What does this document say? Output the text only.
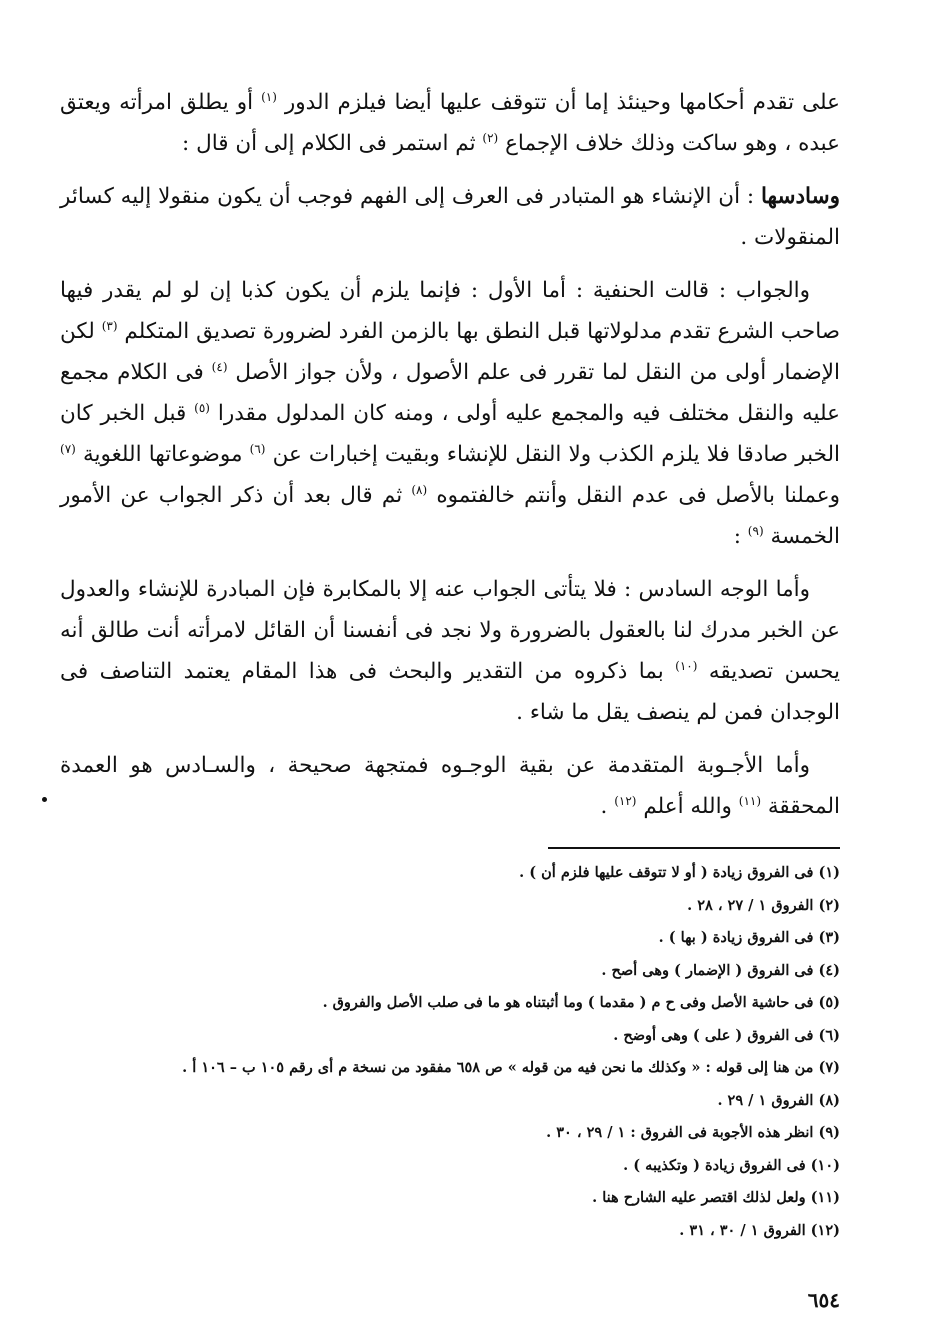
على تقدم أحكامها وحينئذ إما أن تتوقف عليها أيضا فيلزم الدور $^{(١)}$ أو يطلق امرأته ويعتق عبده ، وهو ساكت وذلك خلاف الإجماع $^{(٢)}$ ثم استمر فى الكلام إلى أن قال :

وسادسها : أن الإنشاء هو المتبادر فى العرف إلى الفهم فوجب أن يكون منقولا إليه كسائر المنقولات .

والجواب : قالت الحنفية : أما الأول : فإنما يلزم أن يكون كذبا إن لو لم يقدر فيها صاحب الشرع تقدم مدلولاتها قبل النطق بها بالزمن الفرد لضرورة تصديق المتكلم $^{(٣)}$ لكن الإضمار أولى من النقل لما تقرر فى علم الأصول ، ولأن جواز الأصل $^{(٤)}$ فى الكلام مجمع عليه والنقل مختلف فيه والمجمع عليه أولى ، ومنه كان المدلول مقدرا $^{(٥)}$ قبل الخبر كان الخبر صادقا فلا يلزم الكذب ولا النقل للإنشاء وبقيت إخبارات عن $^{(٦)}$ موضوعاتها اللغوية $^{(٧)}$ وعملنا بالأصل فى عدم النقل وأنتم خالفتموه $^{(٨)}$ ثم قال بعد أن ذكر الجواب عن الأمور الخمسة $^{(٩)}$ :

وأما الوجه السادس : فلا يتأتى الجواب عنه إلا بالمكابرة فإن المبادرة للإنشاء والعدول عن الخبر مدرك لنا بالعقول بالضرورة ولا نجد فى أنفسنا أن القائل لامرأته أنت طالق أنه يحسن تصديقه $^{(١٠)}$ بما ذكروه من التقدير والبحث فى هذا المقام يعتمد التناصف فى الوجدان فمن لم ينصف يقل ما شاء .

وأما الأجـوبة المتقدمة عن بقية الوجـوه فمتجهة صحيحة ، والسـادس هو العمدة المحققة $^{(١١)}$ والله أعلم $^{(١٢)}$ .

(١) فى الفروق زيادة ( أو لا تتوقف عليها فلزم أن ) .
(٢) الفروق ١ / ٢٧ ، ٢٨ .
(٣) فى الفروق زيادة ( بها ) .
(٤) فى الفروق ( الإضمار ) وهى أصح .
(٥) فى حاشية الأصل وفى ح م ( مقدما ) وما أثبتناه هو ما فى صلب الأصل والفروق .
(٦) فى الفروق ( على ) وهى أوضح .
(٧) من هنا إلى قوله : « وكذلك ما نحن فيه من قوله » ص ٦٥٨ مفقود من نسخة م أى رقم ١٠٥ ب – ١٠٦ أ .
(٨) الفروق ١ / ٢٩ .
(٩) انظر هذه الأجوبة فى الفروق : ١ / ٢٩ ، ٣٠ .
(١٠) فى الفروق زيادة ( وتكذيبه ) .
(١١) ولعل لذلك اقتصر عليه الشارح هنا .
(١٢) الفروق ١ / ٣٠ ، ٣١ .
٦٥٤
